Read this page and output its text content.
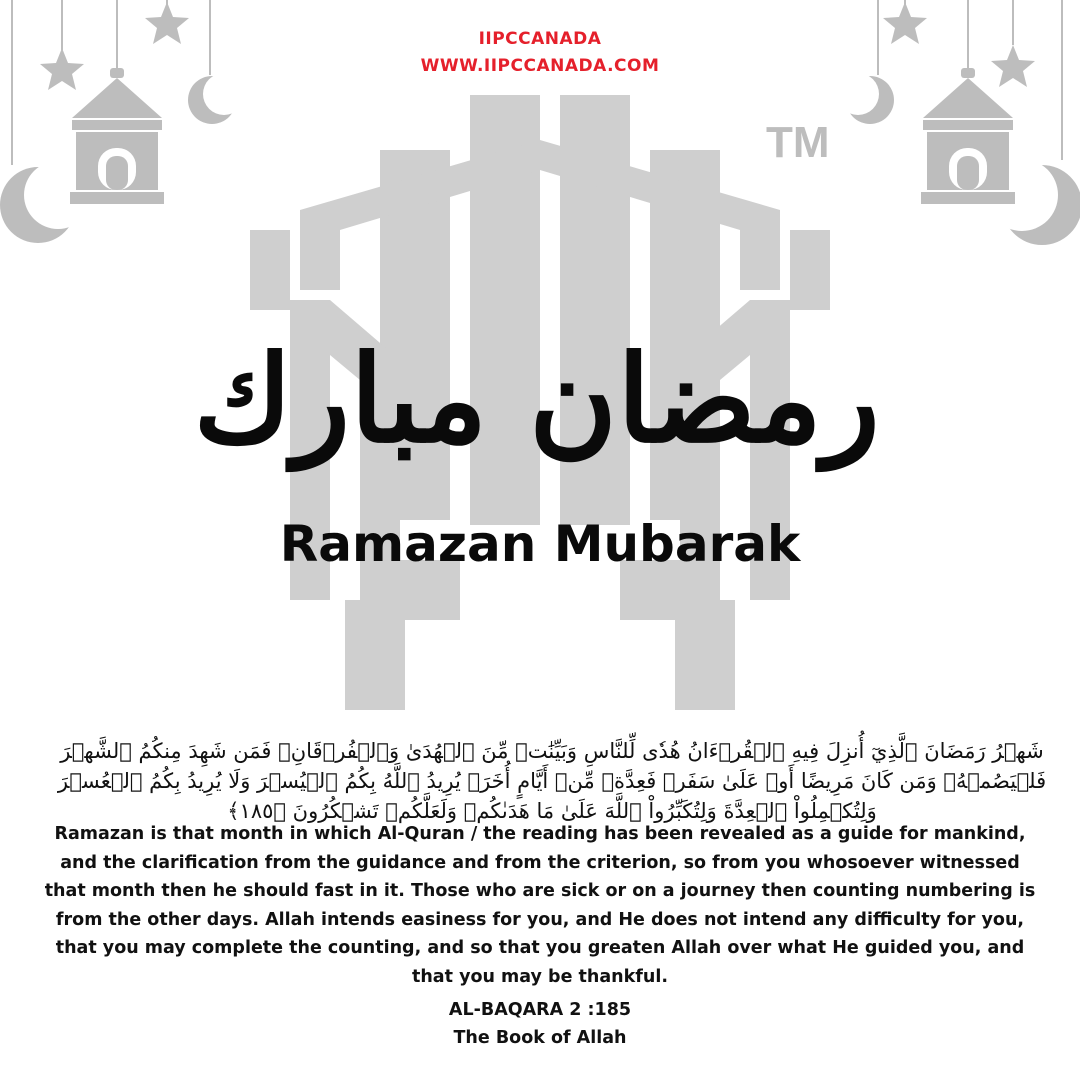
IIPCCANADA
WWW.IIPCCANADA.COM
TM
رمضان مبارك
Ramazan Mubarak
شَهۡرُ رَمَضَانَ ٱلَّذِيٓ أُنزِلَ فِيهِ ٱلۡقُرۡءَانُ هُدٗى لِّلنَّاسِ وَبَيِّنَٰتٖ مِّنَ ٱلۡهُدَىٰ وَٱلۡفُرۡقَانِۚ فَمَن شَهِدَ مِنكُمُ ٱلشَّهۡرَ فَلۡيَصُمۡهُۖ وَمَن كَانَ مَرِيضًا أَوۡ عَلَىٰ سَفَرٖ فَعِدَّةٞ مِّنۡ أَيَّامٍ أُخَرَۗ يُرِيدُ ٱللَّهُ بِكُمُ ٱلۡيُسۡرَ وَلَا يُرِيدُ بِكُمُ ٱلۡعُسۡرَ وَلِتُكۡمِلُواْ ٱلۡعِدَّةَ وَلِتُكَبِّرُواْ ٱللَّهَ عَلَىٰ مَا هَدَىٰكُمۡ وَلَعَلَّكُمۡ تَشۡكُرُونَ ﴿١٨٥﴾
Ramazan is that month in which Al-Quran / the reading has been revealed as a guide for mankind, and the clarification from the guidance and from the criterion, so from you whosoever witnessed that month then he should fast in it. Those who are sick or on a journey then counting numbering is from the other days. Allah intends easiness for you, and He does not intend any difficulty for you, that you may complete the counting, and so that you greaten Allah over what He guided you, and that you may be thankful.
AL-BAQARA 2 :185
The Book of Allah
